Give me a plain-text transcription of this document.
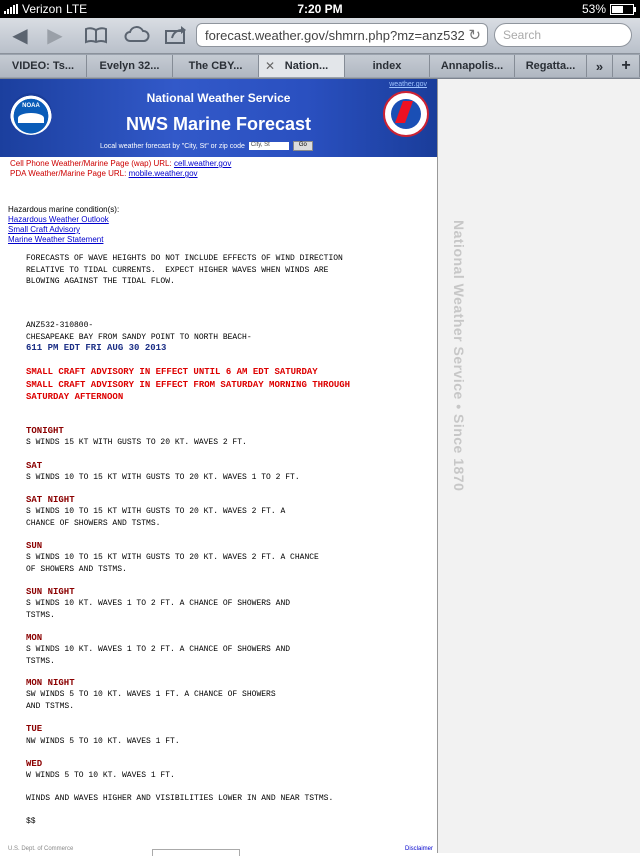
Verizon LTE	7:20 PM	53%
◀ ▶	forecast.weather.gov/shmrn.php?mz=anz532 ↻	Search
VIDEO: Ts... Evelyn 32...	The CBY... ✕ Nation...	index	Annapolis... Regatta...	»	+
NOAA
weather.gov
National Weather Service
NWS Marine Forecast
Local weather forecast by "City, St" or zip code	City, St	Go
Cell Phone Weather/Marine Page (wap) URL: cell.weather.gov
PDA Weather/Marine Page URL: mobile.weather.gov
Hazardous marine condition(s):
Hazardous Weather Outlook
Small Craft Advisory
Marine Weather Statement
FORECASTS OF WAVE HEIGHTS DO NOT INCLUDE EFFECTS OF WIND DIRECTION
RELATIVE TO TIDAL CURRENTS.  EXPECT HIGHER WAVES WHEN WINDS ARE
BLOWING AGAINST THE TIDAL FLOW.
ANZ532-310800-
CHESAPEAKE BAY FROM SANDY POINT TO NORTH BEACH-
611 PM EDT FRI AUG 30 2013
SMALL CRAFT ADVISORY IN EFFECT UNTIL 6 AM EDT SATURDAY
SMALL CRAFT ADVISORY IN EFFECT FROM SATURDAY MORNING THROUGH
SATURDAY AFTERNOON
TONIGHT
S WINDS 15 KT WITH GUSTS TO 20 KT. WAVES 2 FT.
SAT
S WINDS 10 TO 15 KT WITH GUSTS TO 20 KT. WAVES 1 TO 2 FT.
SAT NIGHT
S WINDS 10 TO 15 KT WITH GUSTS TO 20 KT. WAVES 2 FT. A
CHANCE OF SHOWERS AND TSTMS.
SUN
S WINDS 10 TO 15 KT WITH GUSTS TO 20 KT. WAVES 2 FT. A CHANCE
OF SHOWERS AND TSTMS.
SUN NIGHT
S WINDS 10 KT. WAVES 1 TO 2 FT. A CHANCE OF SHOWERS AND
TSTMS.
MON
S WINDS 10 KT. WAVES 1 TO 2 FT. A CHANCE OF SHOWERS AND
TSTMS.
MON NIGHT
SW WINDS 5 TO 10 KT. WAVES 1 FT. A CHANCE OF SHOWERS
AND TSTMS.
TUE
NW WINDS 5 TO 10 KT. WAVES 1 FT.
WED
W WINDS 5 TO 10 KT. WAVES 1 FT.
WINDS AND WAVES HIGHER AND VISIBILITIES LOWER IN AND NEAR TSTMS.
$$
U.S. Dept. of Commerce	Disclaimer
National Weather Service • Since 1870
